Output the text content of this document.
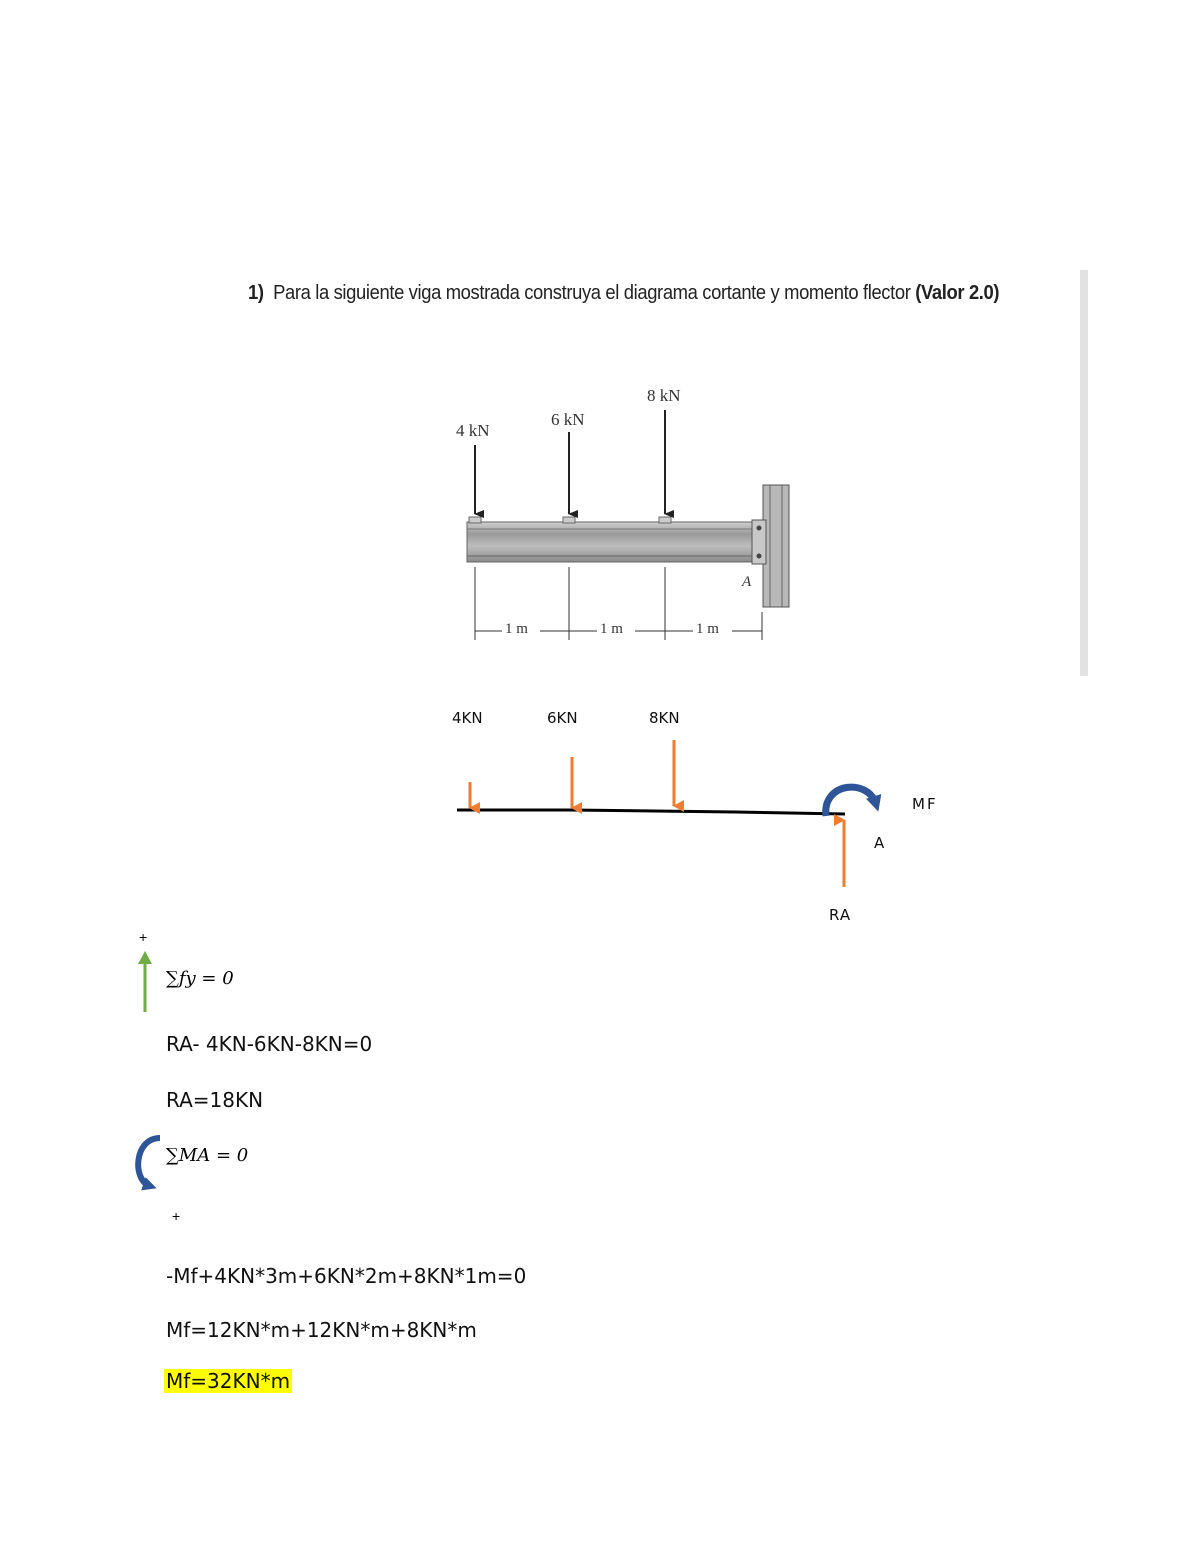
1) Para la siguiente viga mostrada construya el diagrama cortante y momento flector (Valor 2.0)
4 kN
6 kN
8 kN
A
1 m	1 m	1 m
4KN	6KN	8KN
MF
A
RA
+
∑fy = 0
RA- 4KN-6KN-8KN=0
RA=18KN
∑MA = 0
+
-Mf+4KN*3m+6KN*2m+8KN*1m=0
Mf=12KN*m+12KN*m+8KN*m
Mf=32KN*m
